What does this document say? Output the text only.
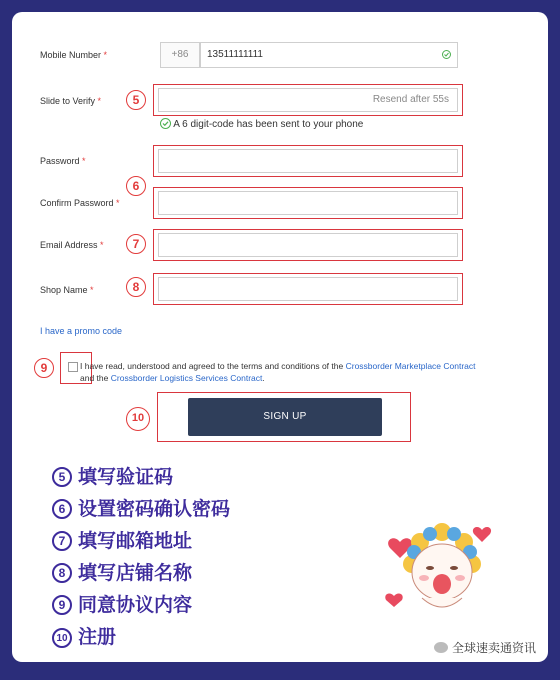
Mobile Number *	+86	13511111111
Slide to Verify *	5	Resend after 55s
A 6 digit-code has been sent to your phone
Password *
6
Confirm Password *
Email Address *	7
Shop Name *	8
I have a promo code
9	I have read, understood and agreed to the terms and conditions of the Crossborder Marketplace Contract
and the Crossborder Logistics Services Contract.
10	SIGN UP
5 填写验证码
6 设置密码确认密码
7 填写邮箱地址
8 填写店铺名称
9 同意协议内容
10 注册	全球速卖通资讯
